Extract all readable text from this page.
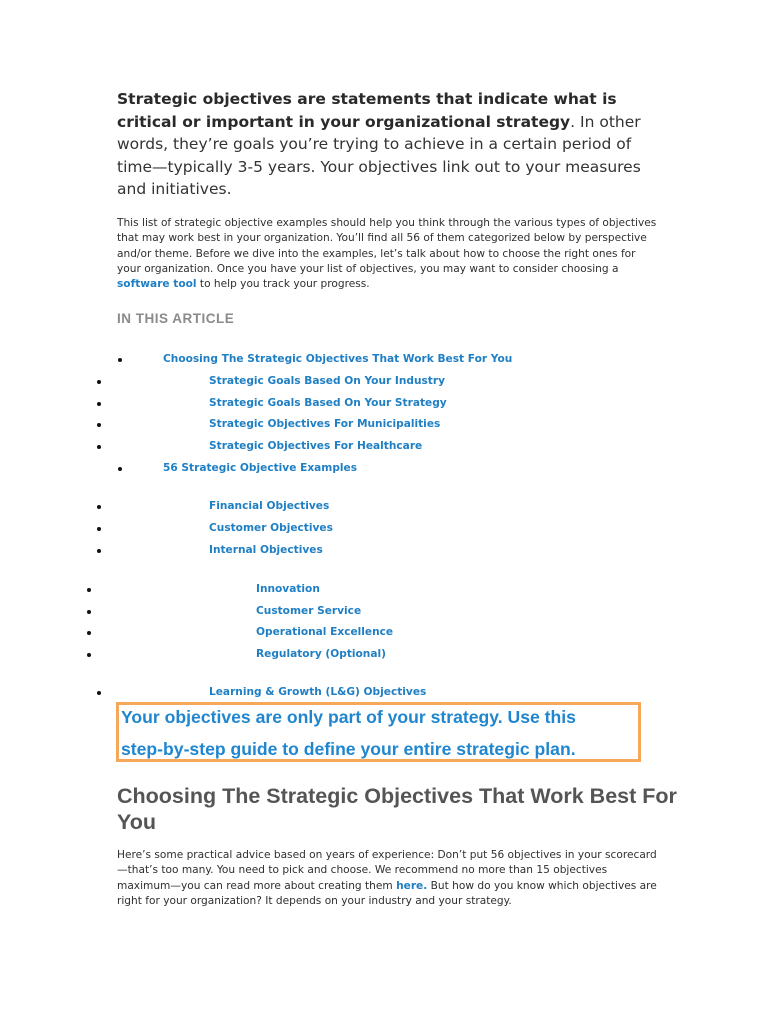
Strategic objectives are statements that indicate what is critical or important in your organizational strategy. In other words, they’re goals you’re trying to achieve in a certain period of time—typically 3-5 years. Your objectives link out to your measures and initiatives.

This list of strategic objective examples should help you think through the various types of objectives that may work best in your organization. You’ll find all 56 of them categorized below by perspective and/or theme. Before we dive into the examples, let’s talk about how to choose the right ones for your organization. Once you have your list of objectives, you may want to consider choosing a software tool to help you track your progress.

IN THIS ARTICLE

Choosing The Strategic Objectives That Work Best For You
Strategic Goals Based On Your Industry
Strategic Goals Based On Your Strategy
Strategic Objectives For Municipalities
Strategic Objectives For Healthcare
56 Strategic Objective Examples
Financial Objectives
Customer Objectives
Internal Objectives
Innovation
Customer Service
Operational Excellence
Regulatory (Optional)
Learning & Growth (L&G) Objectives
Your objectives are only part of your strategy. Use this
step-by-step guide to define your entire strategic plan.
Choosing The Strategic Objectives That Work Best For You

Here’s some practical advice based on years of experience: Don’t put 56 objectives in your scorecard—that’s too many. You need to pick and choose. We recommend no more than 15 objectives maximum—you can read more about creating them here. But how do you know which objectives are right for your organization? It depends on your industry and your strategy.
